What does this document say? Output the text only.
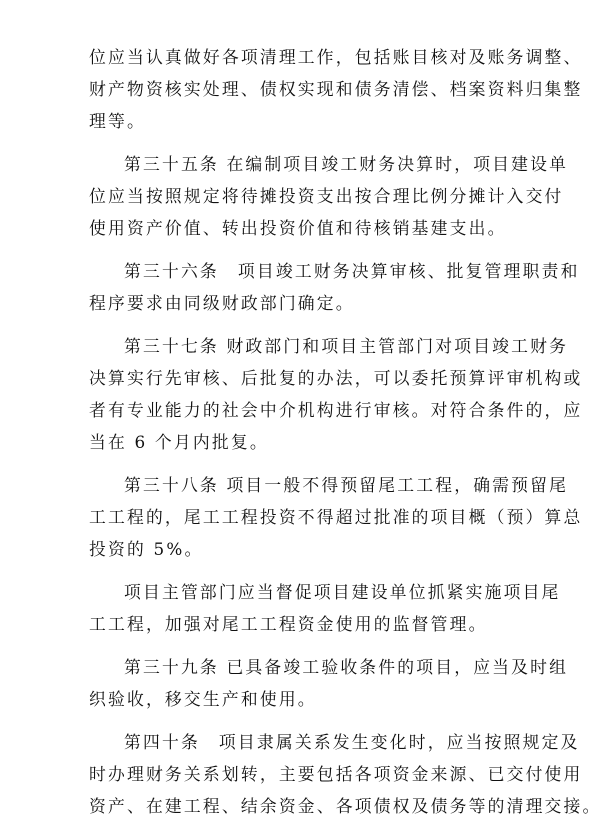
位应当认真做好各项清理工作，包括账目核对及账务调整、
财产物资核实处理、债权实现和债务清偿、档案资料归集整
理等。

第三十五条 在编制项目竣工财务决算时，项目建设单
位应当按照规定将待摊投资支出按合理比例分摊计入交付
使用资产价值、转出投资价值和待核销基建支出。

第三十六条　项目竣工财务决算审核、批复管理职责和
程序要求由同级财政部门确定。

第三十七条 财政部门和项目主管部门对项目竣工财务
决算实行先审核、后批复的办法，可以委托预算评审机构或
者有专业能力的社会中介机构进行审核。对符合条件的，应
当在 6 个月内批复。

第三十八条 项目一般不得预留尾工工程，确需预留尾
工工程的，尾工工程投资不得超过批准的项目概（预）算总
投资的 5%。

项目主管部门应当督促项目建设单位抓紧实施项目尾
工工程，加强对尾工工程资金使用的监督管理。

第三十九条 已具备竣工验收条件的项目，应当及时组
织验收，移交生产和使用。

第四十条　项目隶属关系发生变化时，应当按照规定及
时办理财务关系划转，主要包括各项资金来源、已交付使用
资产、在建工程、结余资金、各项债权及债务等的清理交接。
